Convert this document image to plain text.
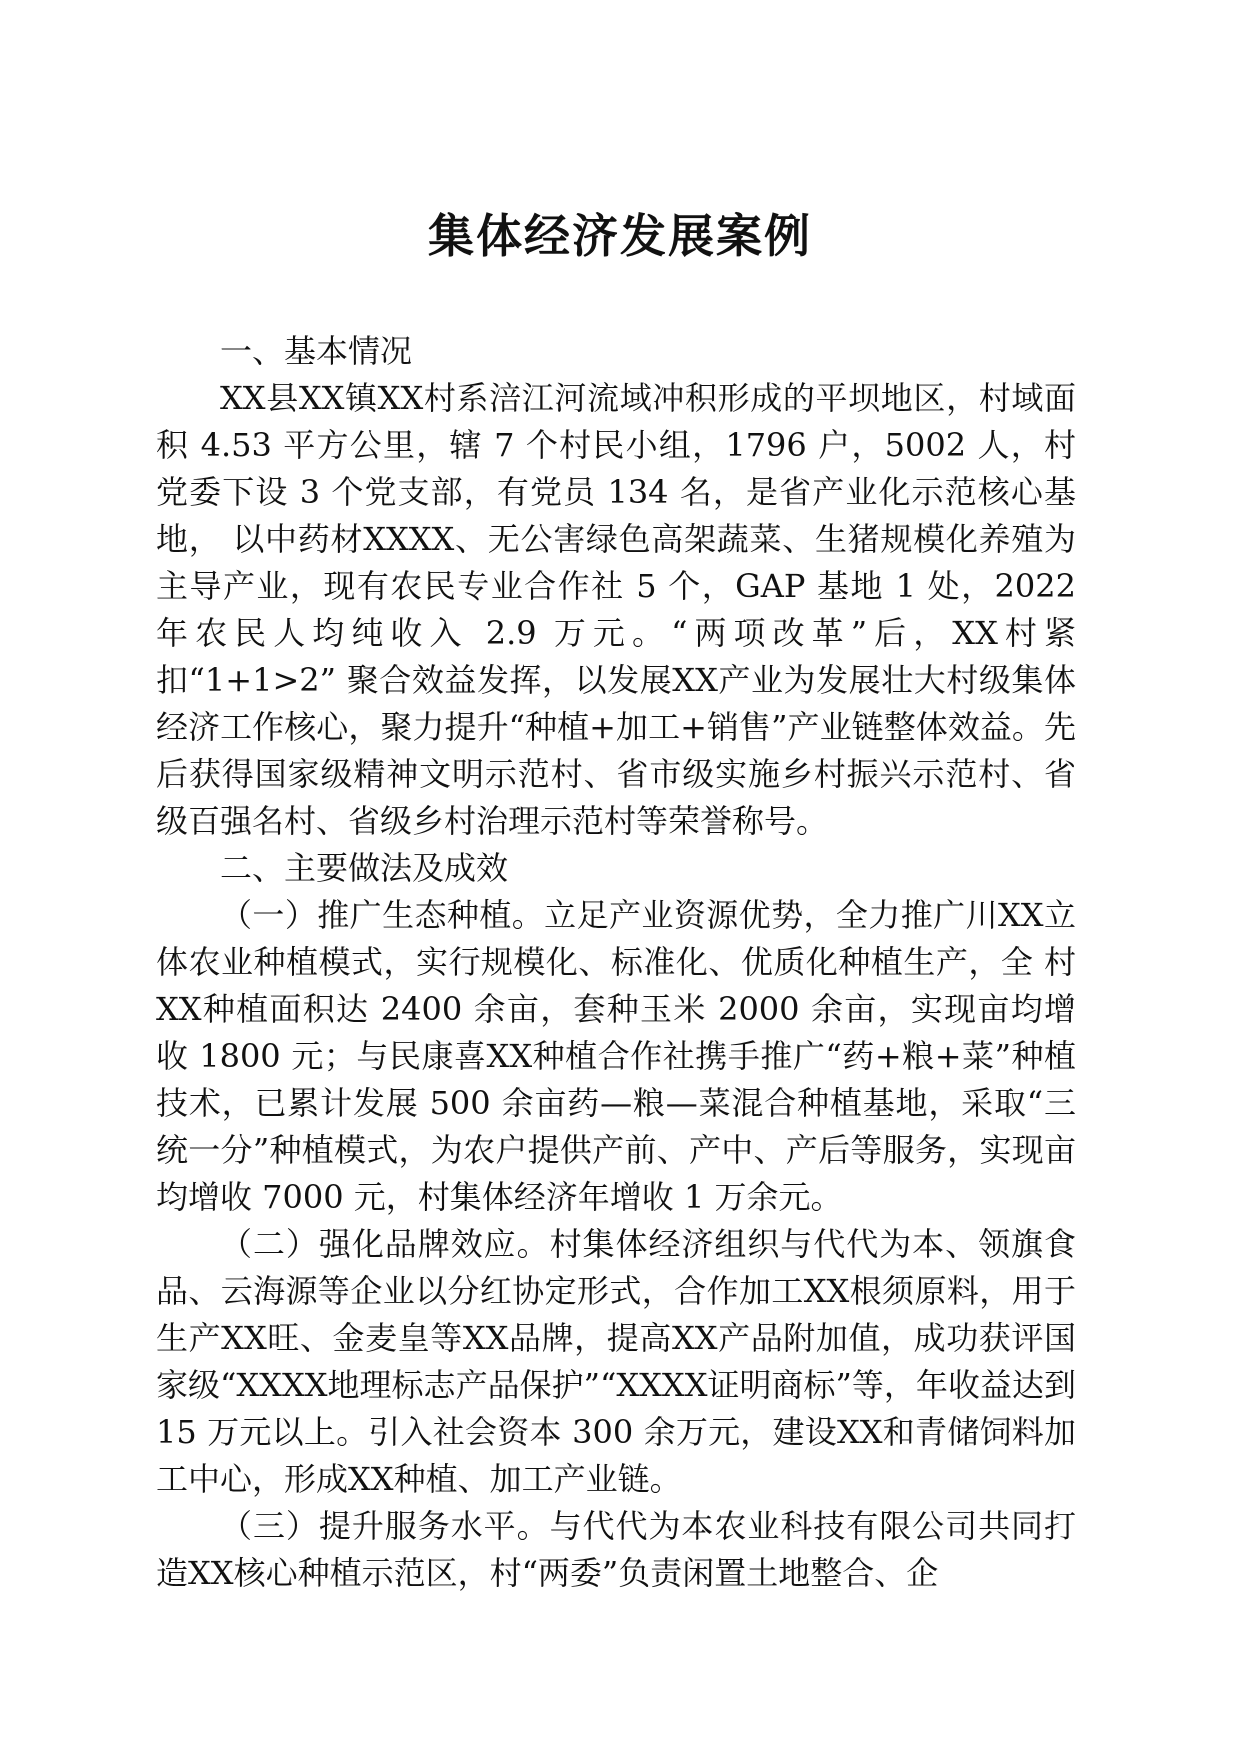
集体经济发展案例

一、基本情况

XX县XX镇XX村系涪江河流域冲积形成的平坝地区，村域面积 4.53 平方公里，辖 7 个村民小组，1796 户，5002 人，村党委下设 3 个党支部，有党员 134 名，是省产业化示范核心基地， 以中药材XXXX、无公害绿色高架蔬菜、生猪规模化养殖为主导产业，现有农民专业合作社 5 个，GAP 基地 1 处，2022 年农民人均纯收入 2.9 万元。“两项改革”后，XX村紧扣“1+1>2” 聚合效益发挥，以发展XX产业为发展壮大村级集体经济工作核心，聚力提升“种植+加工+销售”产业链整体效益。先后获得国家级精神文明示范村、省市级实施乡村振兴示范村、省级百强名村、省级乡村治理示范村等荣誉称号。

二、主要做法及成效

（一）推广生态种植。立足产业资源优势，全力推广川XX立体农业种植模式，实行规模化、标准化、优质化种植生产，全 村XX种植面积达 2400 余亩，套种玉米 2000 余亩，实现亩均增收 1800 元；与民康喜XX种植合作社携手推广“药+粮+菜”种植技术，已累计发展 500 余亩药—粮—菜混合种植基地，采取“三统一分”种植模式，为农户提供产前、产中、产后等服务，实现亩均增收 7000 元，村集体经济年增收 1 万余元。

（二）强化品牌效应。村集体经济组织与代代为本、领旗食品、云海源等企业以分红协定形式，合作加工XX根须原料，用于生产XX旺、金麦皇等XX品牌，提高XX产品附加值，成功获评国家级“XXXX地理标志产品保护”“XXXX证明商标”等，年收益达到 15 万元以上。引入社会资本 300 余万元，建设XX和青储饲料加工中心，形成XX种植、加工产业链。

（三）提升服务水平。与代代为本农业科技有限公司共同打 造XX核心种植示范区，村“两委”负责闲置土地整合、企
